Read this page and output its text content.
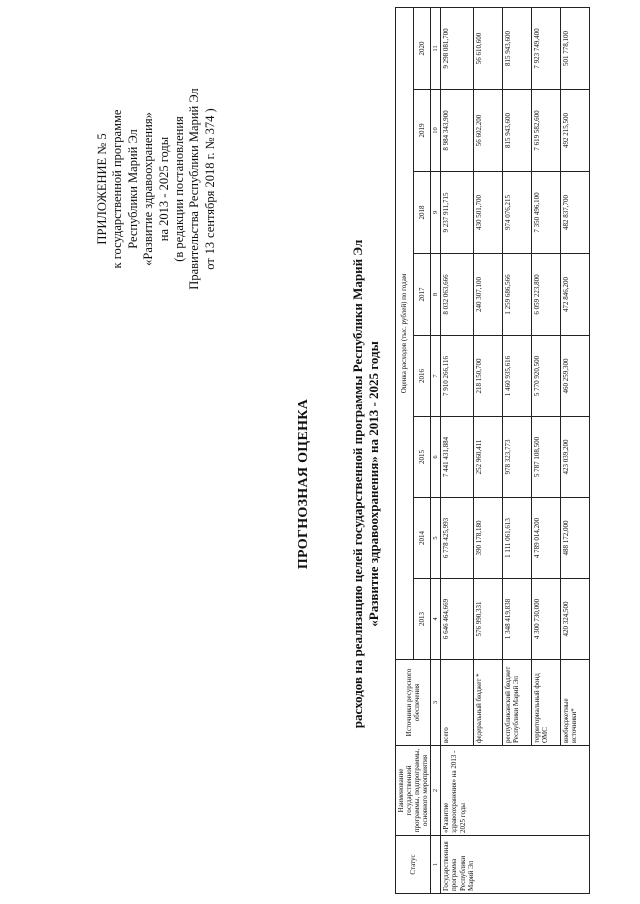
ПРИЛОЖЕНИЕ № 5 к государственной программе Республики Марий Эл «Развитие здравоохранения» на 2013 - 2025 годы (в редакции постановления Правительства Республики Марий Эл от 13 сентября 2018 г. № 374 )
ПРОГНОЗНАЯ ОЦЕНКА	расходов на реализацию целей государственной программы Республики Марий Эл «Развитие здравоохранения» на 2013 - 2025 годы
Статус	Наименование государственной программы, подпрограммы, основного мероприятия	Источники ресурсного обеспечения	Оценка расходов (тыс. рублей) по годам							
			2013	2014	2015	2016	2017	2018	2019	2020
1	2	3	4	5	6	7	8	9	10	11
Государственная программа Республики Марий Эл	«Развитие здравоохранения» на 2013 - 2025 годы	всего	6 646 464,669	6 778 425,993	7 441 431,884	7 910 266,116	8 032 063,666	9 237 911,715	8 984 343,900	9 298 081,700
		федеральный бюджет *	576 990,331	390 178,180	252 960,411	218 150,700	240 307,100	430 501,700	56 602,200	56 610,600
		республиканский бюджет Республики Марий Эл	1 348 419,838	1 111 061,613	978 323,773	1 460 935,616	1 259 686,566	974 076,215	815 943,600	815 943,600
		территориальный фонд ОМС	4 300 730,000	4 789 014,200	5 787 108,500	5 770 920,500	6 059 223,800	7 350 496,100	7 619 582,600	7 923 749,400
		внебюджетные источники*	420 324,500	488 172,000	423 039,200	460 259,300	472 846,200	482 837,700	492 215,500	501 778,100
